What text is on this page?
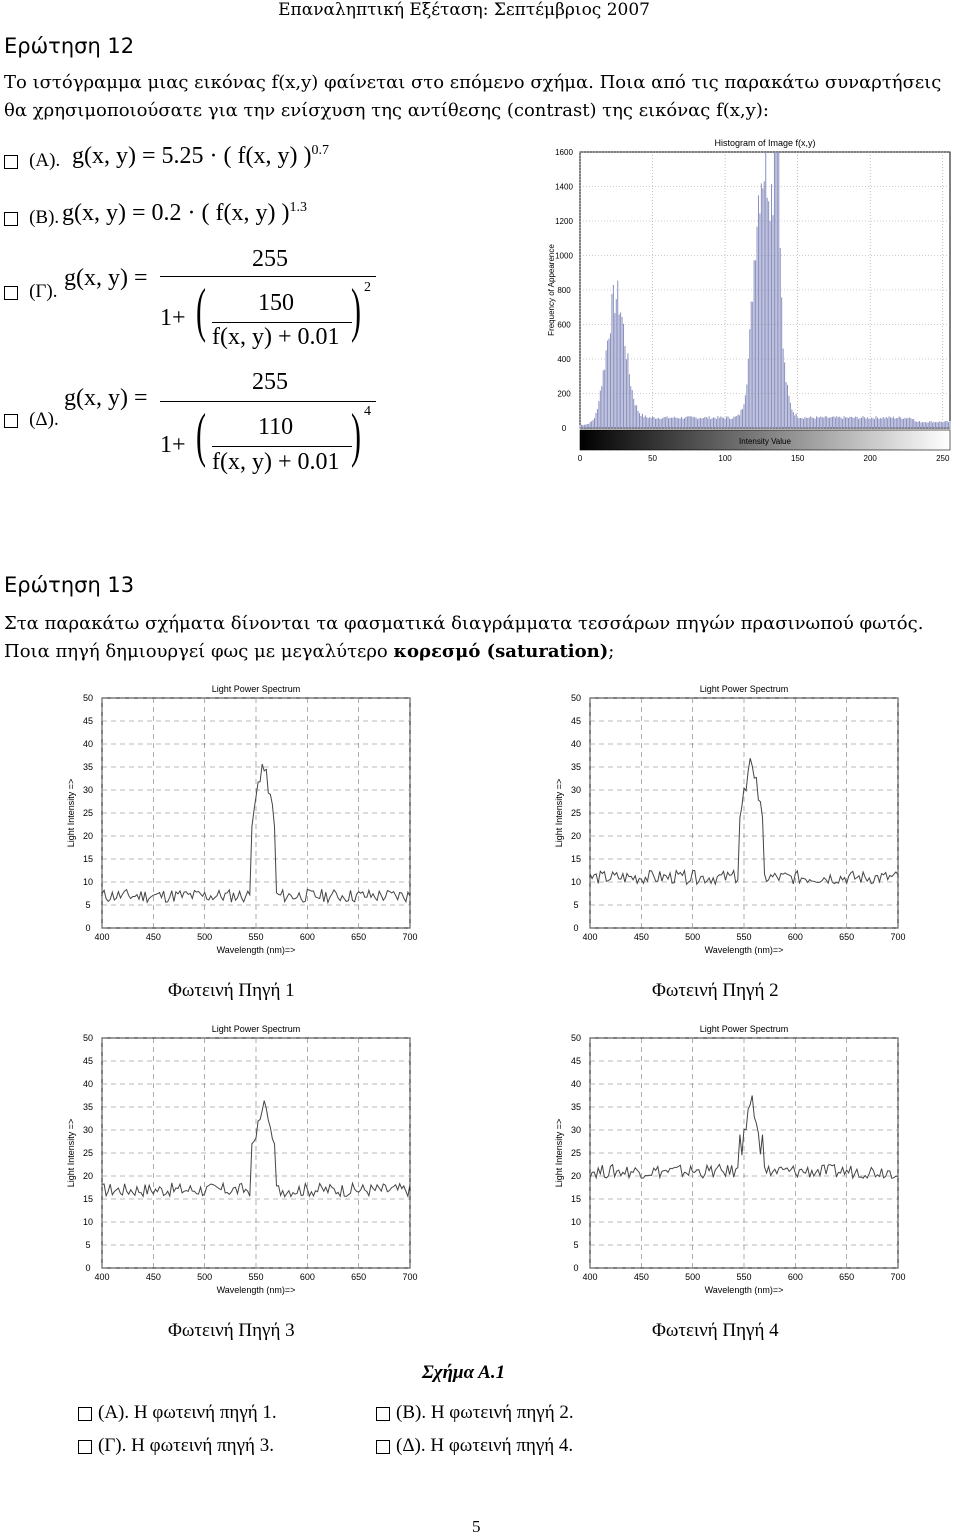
Επαναληπτική Εξέταση: Σεπτέμβριος 2007
Ερώτηση 12
Το ιστόγραμμα μιας εικόνας f(x,y) φαίνεται στο επόμενο σχήμα. Ποια από τις παρακάτω συναρτήσεις
θα χρησιμοποιούσατε για την ενίσχυση της αντίθεσης (contrast) της εικόνας f(x,y):
(Α). g(x, y) = 5.25 · ( f(x, y) )$^{0.7}$
(Β). g(x, y) = 0.2 · ( f(x, y) )$^{1.3}$
(Γ).
g(x, y) =
255
1+ ( 150
f(x, y) + 0.01 ) 2
(Δ).
g(x, y) =
255
1+ ( 110
f(x, y) + 0.01 ) 4
Histogram of Image f(x,y)
0
200
400
600
800
1000
1200
1400
1600
0	50	100	150	200	250
Intensity Value
Frequency of Appearence
Ερώτηση 13
Στα παρακάτω σχήματα δίνονται τα φασματικά διαγράμματα τεσσάρων πηγών πρασινωπού φωτός.
Ποια πηγή δημιουργεί φως με μεγαλύτερο κορεσμό (saturation);
Light Power Spectrum
0
5
10
15
20
25
30
35
40
45
50
400	450	500	550	600	650	700
Wavelength (nm)=>
Light Intensity =>
Light Power Spectrum
0
5
10
15
20
25
30
35
40
45
50
400	450	500	550	600	650	700
Wavelength (nm)=>
Light Intensity =>
Light Power Spectrum
0
5
10
15
20
25
30
35
40
45
50
400	450	500	550	600	650	700
Wavelength (nm)=>
Light Intensity =>
Light Power Spectrum
0
5
10
15
20
25
30
35
40
45
50
400	450	500	550	600	650	700
Wavelength (nm)=>
Light Intensity =>
Φωτεινή Πηγή 1	Φωτεινή Πηγή 2
Φωτεινή Πηγή 3	Φωτεινή Πηγή 4
Σχήμα Α.1
(Α). Η φωτεινή πηγή 1.	(Β). Η φωτεινή πηγή 2.
(Γ). Η φωτεινή πηγή 3.	(Δ). Η φωτεινή πηγή 4.
5
